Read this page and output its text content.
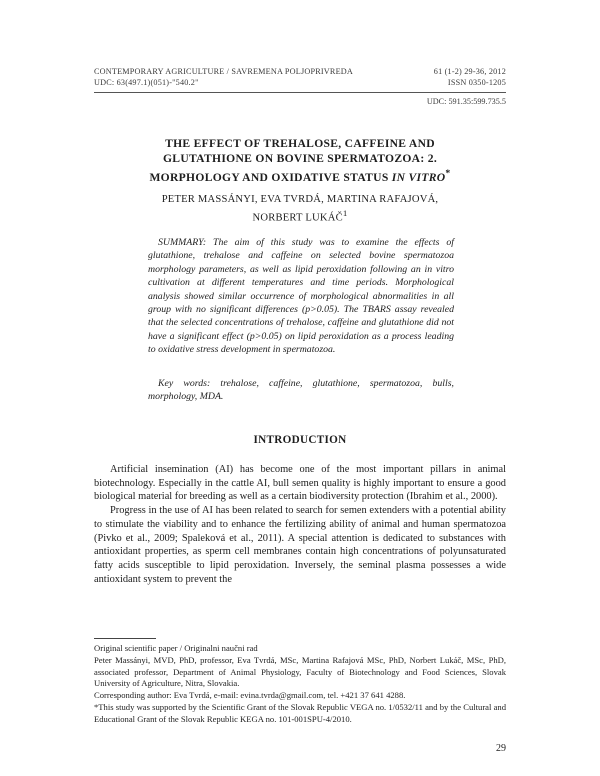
CONTEMPORARY AGRICULTURE / SAVREMENA POLJOPRIVREDA
UDC: 63(497.1)(051)-"540.2"
61 (1-2) 29-36, 2012
ISSN 0350-1205
UDC: 591.35:599.735.5
THE EFFECT OF TREHALOSE, CAFFEINE AND
GLUTATHIONE ON BOVINE SPERMATOZOA: 2.
MORPHOLOGY AND OXIDATIVE STATUS IN VITRO*
PETER MASSÁNYI, EVA TVRDÁ, MARTINA RAFAJOVÁ,
NORBERT LUKÁČ$^1$
SUMMARY: The aim of this study was to examine the effects of glutathione, trehalose and caffeine on selected bovine spermatozoa morphology parameters, as well as lipid peroxidation following an in vitro cultivation at different temperatures and time periods. Morphological analysis showed similar occurrence of morphological abnormalities in all group with no significant differences (p>0.05). The TBARS assay revealed that the selected concentrations of trehalose, caffeine and glutathione did not have a significant effect (p>0.05) on lipid peroxidation as a process leading to oxidative stress development in spermatozoa.
Key words: trehalose, caffeine, glutathione, spermatozoa, bulls, morphology, MDA.
INTRODUCTION

Artificial insemination (AI) has become one of the most important pillars in animal biotechnology. Especially in the cattle AI, bull semen quality is highly important to ensure a good biological material for breeding as well as a certain biodiversity protection (Ibrahim et al., 2000).

Progress in the use of AI has been related to search for semen extenders with a potential ability to stimulate the viability and to enhance the fertilizing ability of animal and human spermatozoa (Pivko et al., 2009; Spaleková et al., 2011). A special attention is dedicated to substances with antioxidant properties, as sperm cell membranes contain high concentrations of polyunsaturated fatty acids susceptible to lipid peroxidation. Inversely, the seminal plasma possesses a wide antioxidant system to prevent the

Original scientific paper / Originalni naučni rad
Peter Massányi, MVD, PhD, professor, Eva Tvrdá, MSc, Martina Rafajová MSc, PhD, Norbert Lukáč, MSc, PhD, associated professor, Department of Animal Physiology, Faculty of Biotechnology and Food Sciences, Slovak University of Agriculture, Nitra, Slovakia.
Corresponding author: Eva Tvrdá, e-mail: evina.tvrda@gmail.com, tel. +421 37 641 4288.
*This study was supported by the Scientific Grant of the Slovak Republic VEGA no. 1/0532/11 and by the Cultural and Educational Grant of the Slovak Republic KEGA no. 101-001SPU-4/2010.
29
